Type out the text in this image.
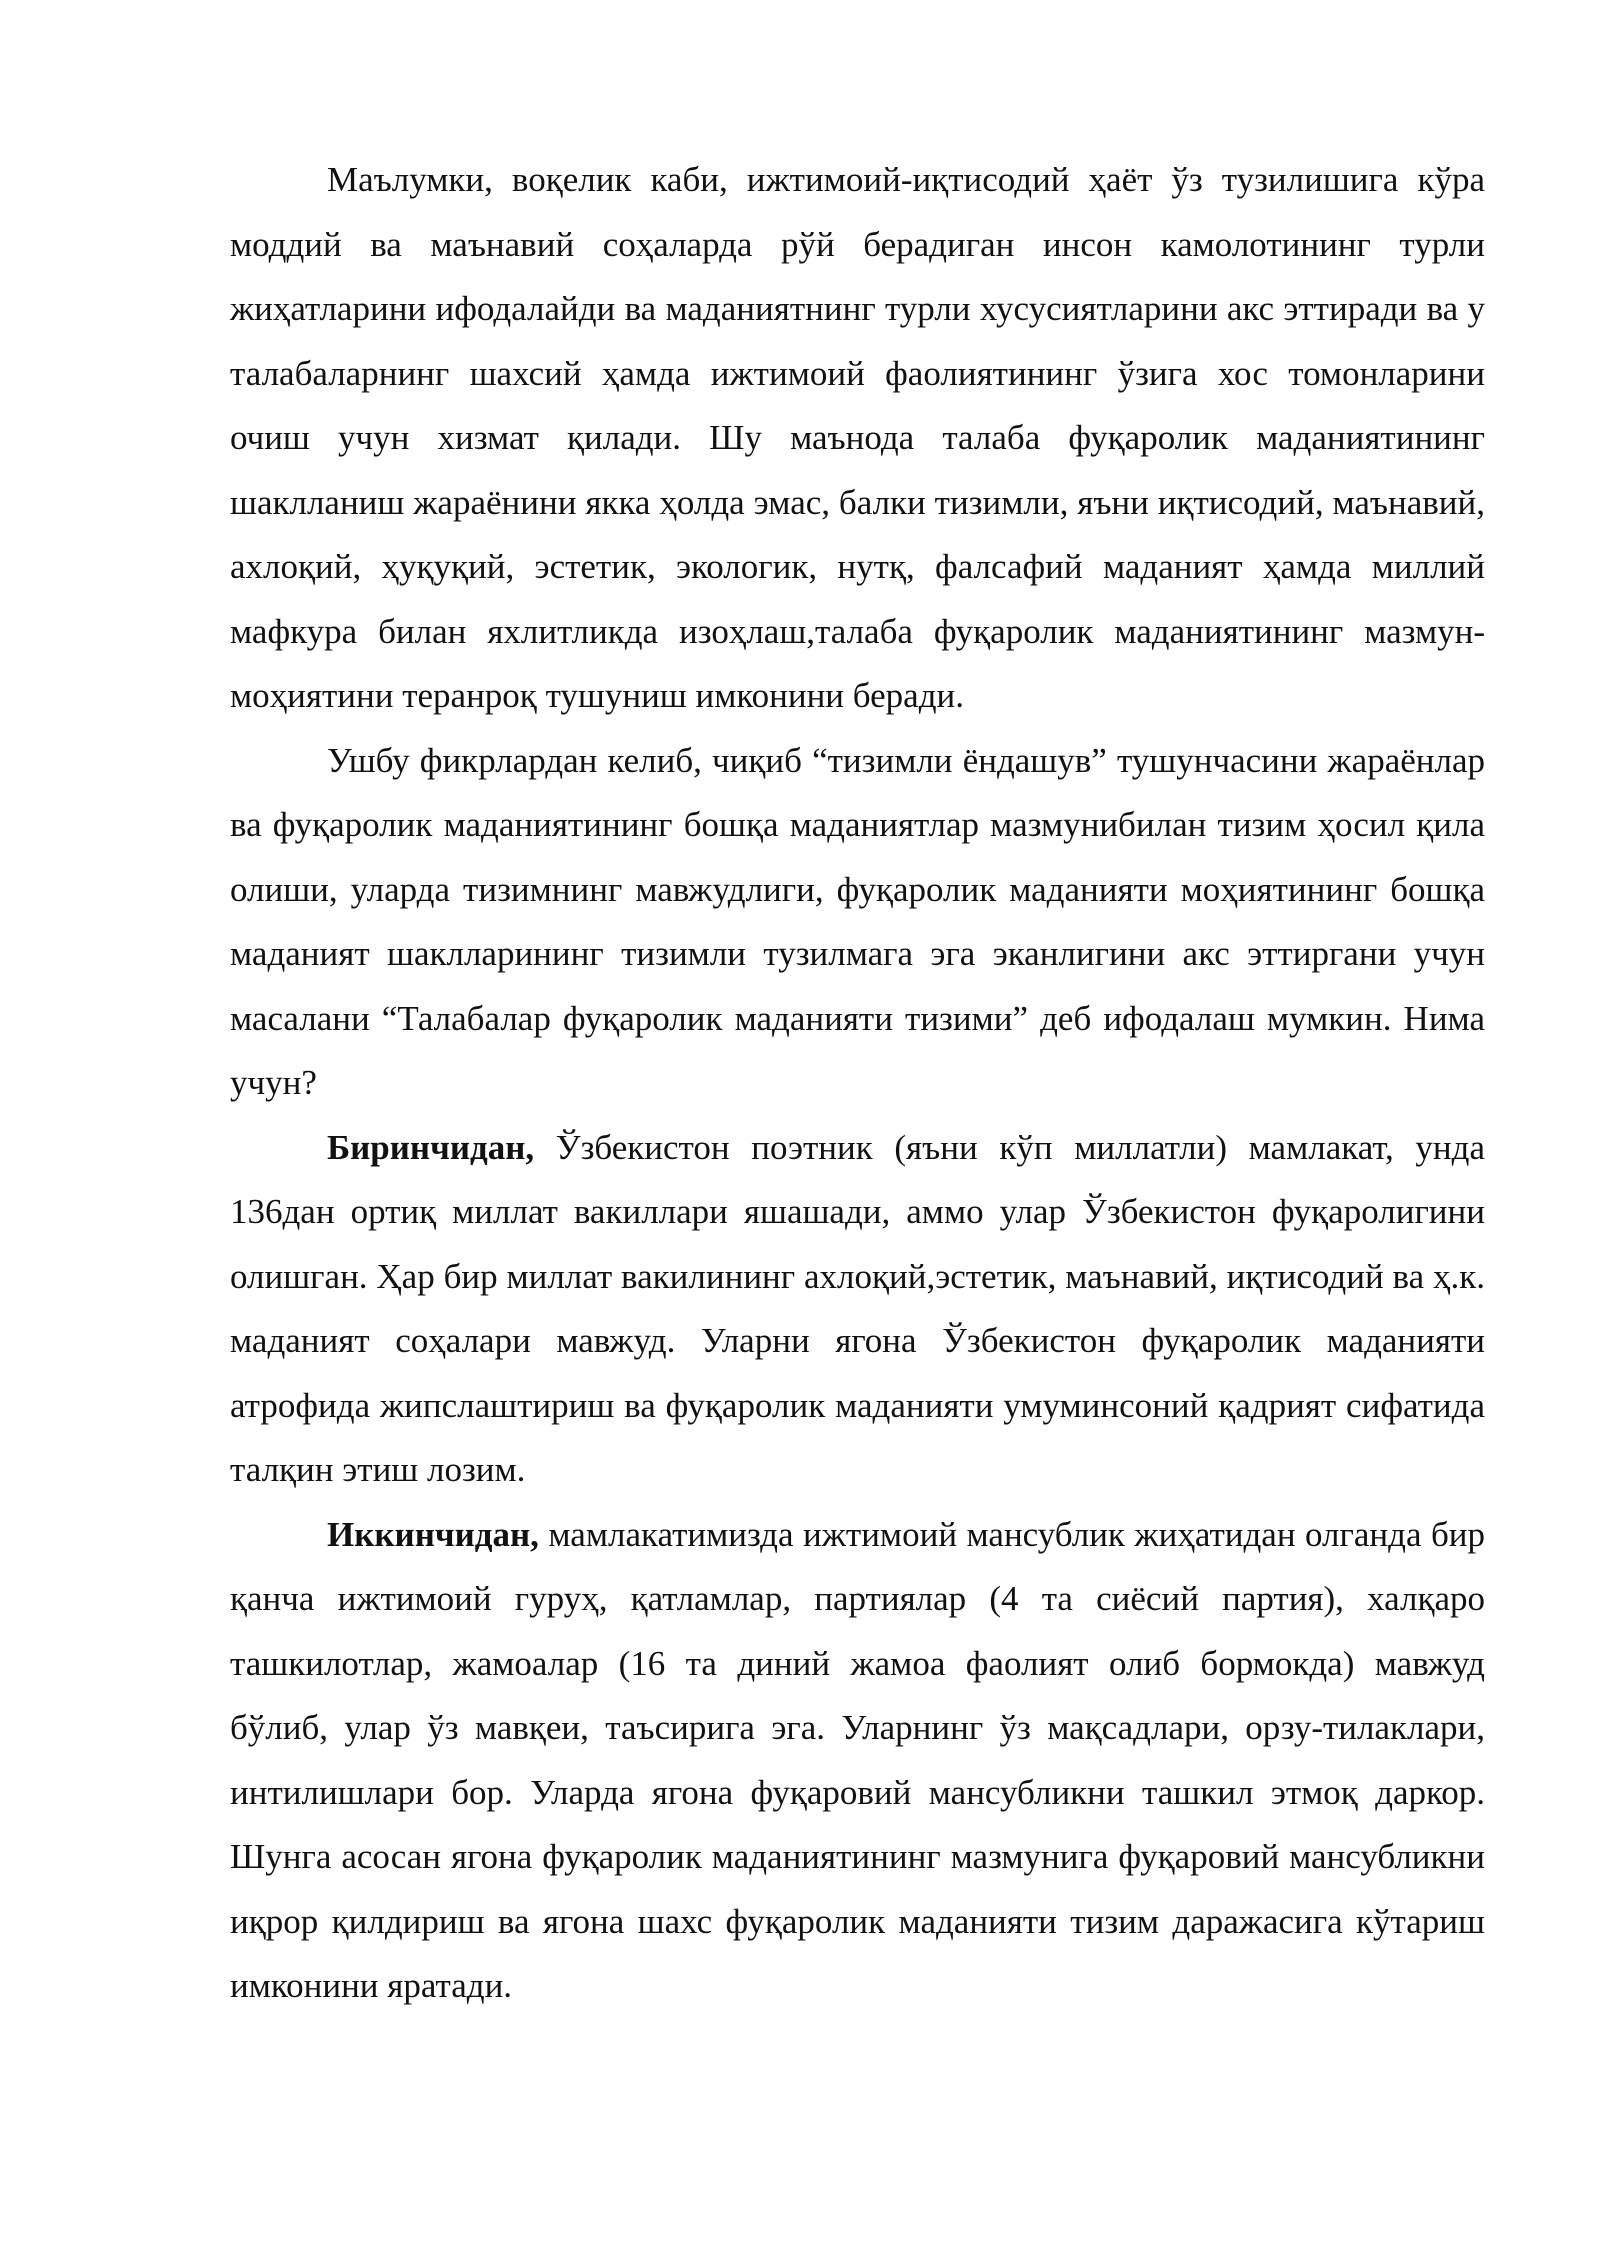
Маълумки, воқелик каби, ижтимоий-иқтисодий ҳаёт ўз тузилишига кўра моддий ва маънавий соҳаларда рўй берадиган инсон камолотининг турли жиҳатларини ифодалайди ва маданиятнинг турли хусусиятларини акс эттиради ва у талабаларнинг шахсий ҳамда ижтимоий фаолиятининг ўзига хос томонларини очиш учун хизмат қилади. Шу маънода талаба фуқаролик маданиятининг шаклланиш жараёнини якка ҳолда эмас, балки тизимли, яъни иқтисодий, маънавий, ахлоқий, ҳуқуқий, эстетик, экологик, нутқ, фалсафий маданият ҳамда миллий мафкура билан яхлитликда изоҳлаш,талаба фуқаролик маданиятининг мазмун-моҳиятини теранроқ тушуниш имконини беради.

Ушбу фикрлардан келиб, чиқиб “тизимли ёндашув” тушунчасини жараёнлар ва фуқаролик маданиятининг бошқа маданиятлар мазмунибилан тизим ҳосил қила олиши, уларда тизимнинг мавжудлиги, фуқаролик маданияти моҳиятининг бошқа маданият шаклларининг тизимли тузилмага эга эканлигини акс эттиргани учун масалани “Талабалар фуқаролик маданияти тизими” деб ифодалаш мумкин. Нима учун?

Биринчидан, Ўзбекистон поэтник (яъни кўп миллатли) мамлакат, унда 136дан ортиқ миллат вакиллари яшашади, аммо улар Ўзбекистон фуқаролигини олишган. Ҳар бир миллат вакилининг ахлоқий,эстетик, маънавий, иқтисодий ва ҳ.к. маданият соҳалари мавжуд. Уларни ягона Ўзбекистон фуқаролик маданияти атрофида жипслаштириш ва фуқаролик маданияти умуминсоний қадрият сифатида талқин этиш лозим.

Иккинчидан, мамлакатимизда ижтимоий мансублик жиҳатидан олганда бир қанча ижтимоий гуруҳ, қатламлар, партиялар (4 та сиёсий партия), халқаро ташкилотлар, жамоалар (16 та диний жамоа фаолият олиб бормокда) мавжуд бўлиб, улар ўз мавқеи, таъсирига эга. Уларнинг ўз мақсадлари, орзу-тилаклари, интилишлари бор. Уларда ягона фуқаровий мансубликни ташкил этмоқ даркор. Шунга асосан ягона фуқаролик маданиятининг мазмунига фуқаровий мансубликни иқрор қилдириш ва ягона шахс фуқаролик маданияти тизим даражасига кўтариш имконини яратади.
